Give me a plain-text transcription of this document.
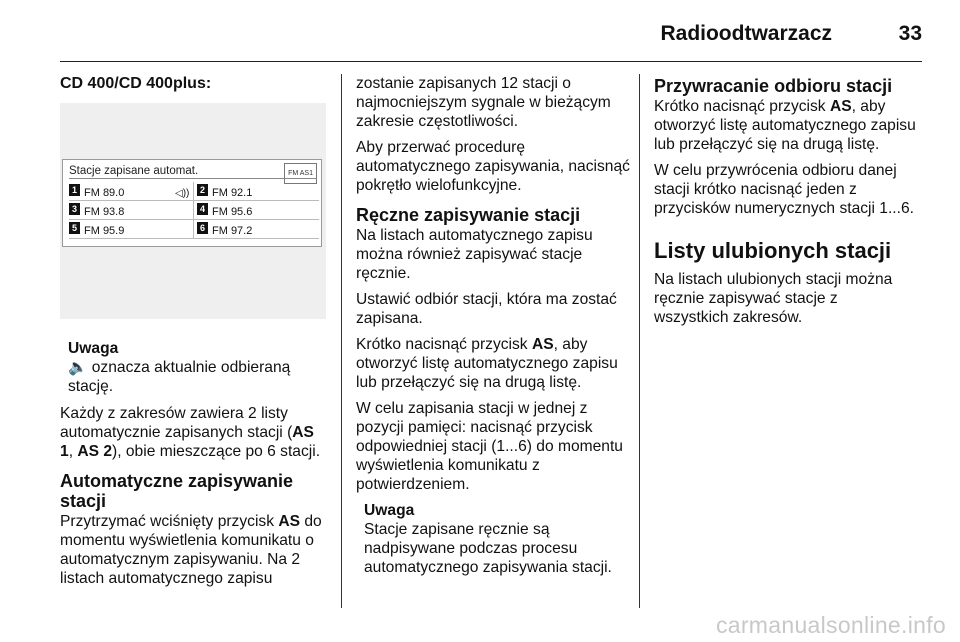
Radioodtwarzacz	33
CD 400/CD 400plus:
Stacje zapisane automat.	FM AS1
1 FM 89.0	◁))	2 FM 92.1
3 FM 93.8	4 FM 95.6
5 FM 95.9	6 FM 97.2
Uwaga
🔈 oznacza aktualnie odbieraną stację.

Każdy z zakresów zawiera 2 listy automatycznie zapisanych stacji (AS 1, AS 2), obie mieszczące po 6 stacji.

Automatyczne zapisywanie stacji

Przytrzymać wciśnięty przycisk AS do momentu wyświetlenia komunikatu o automatycznym zapisywaniu. Na 2 listach automatycznego zapisu

zostanie zapisanych 12 stacji o najmocniejszym sygnale w bieżącym zakresie częstotliwości.

Aby przerwać procedurę automatycznego zapisywania, nacisnąć pokrętło wielofunkcyjne.

Ręczne zapisywanie stacji

Na listach automatycznego zapisu można również zapisywać stacje ręcznie.

Ustawić odbiór stacji, która ma zostać zapisana.

Krótko nacisnąć przycisk AS, aby otworzyć listę automatycznego zapisu lub przełączyć się na drugą listę.

W celu zapisania stacji w jednej z pozycji pamięci: nacisnąć przycisk odpowiedniej stacji (1...6) do momentu wyświetlenia komunikatu z potwierdzeniem.

Uwaga
Stacje zapisane ręcznie są nadpisywane podczas procesu automatycznego zapisywania stacji.
Przywracanie odbioru stacji

Krótko nacisnąć przycisk AS, aby otworzyć listę automatycznego zapisu lub przełączyć się na drugą listę.

W celu przywrócenia odbioru danej stacji krótko nacisnąć jeden z przycisków numerycznych stacji 1...6.

Listy ulubionych stacji

Na listach ulubionych stacji można ręcznie zapisywać stacje z wszystkich zakresów.

carmanualsonline.info
